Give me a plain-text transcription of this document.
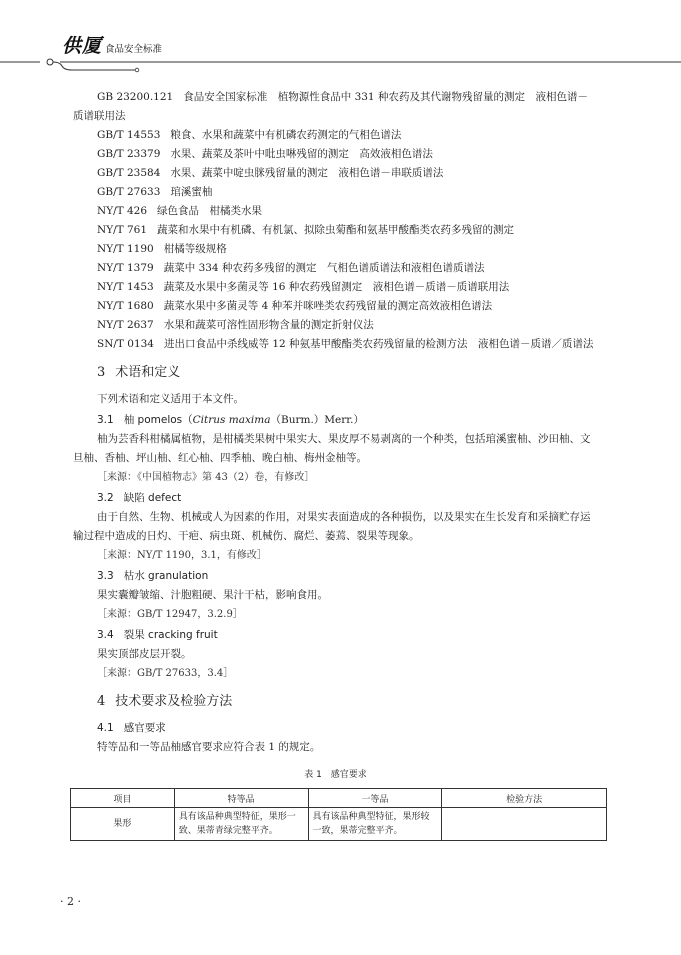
供厦 食品安全标准
GB 23200.121 食品安全国家标准　植物源性食品中 331 种农药及其代谢物残留量的测定　液相色谱－质谱联用法
GB/T 14553 粮食、水果和蔬菜中有机磷农药测定的气相色谱法
GB/T 23379 水果、蔬菜及茶叶中吡虫啉残留的测定　高效液相色谱法
GB/T 23584 水果、蔬菜中啶虫脒残留量的测定　液相色谱－串联质谱法
GB/T 27633 琯溪蜜柚
NY/T 426 绿色食品　柑橘类水果
NY/T 761 蔬菜和水果中有机磷、有机氯、拟除虫菊酯和氨基甲酸酯类农药多残留的测定
NY/T 1190 柑橘等级规格
NY/T 1379 蔬菜中 334 种农药多残留的测定　气相色谱质谱法和液相色谱质谱法
NY/T 1453 蔬菜及水果中多菌灵等 16 种农药残留测定　液相色谱－质谱－质谱联用法
NY/T 1680 蔬菜水果中多菌灵等 4 种苯并咪唑类农药残留量的测定高效液相色谱法
NY/T 2637 水果和蔬菜可溶性固形物含量的测定折射仪法
SN/T 0134 进出口食品中杀线威等 12 种氨基甲酸酯类农药残留量的检测方法　液相色谱－质谱／质谱法
3 术语和定义
下列术语和定义适用于本文件。
3.1 柚 pomelos（Citrus maxima（Burm.）Merr.）
柚为芸香科柑橘属植物，是柑橘类果树中果实大、果皮厚不易剥离的一个种类，包括琯溪蜜柚、沙田柚、文旦柚、香柚、坪山柚、红心柚、四季柚、晚白柚、梅州金柚等。
［来源：《中国植物志》第 43（2）卷，有修改］
3.2 缺陷 defect
由于自然、生物、机械或人为因素的作用，对果实表面造成的各种损伤，以及果实在生长发育和采摘贮存运输过程中造成的日灼、干疤、病虫斑、机械伤、腐烂、萎蔫、裂果等现象。
［来源：NY/T 1190，3.1，有修改］
3.3 枯水 granulation
果实囊瓣皱缩、汁胞粗硬、果汁干枯，影响食用。
［来源：GB/T 12947，3.2.9］
3.4 裂果 cracking fruit
果实顶部皮层开裂。
［来源：GB/T 27633，3.4］
4 技术要求及检验方法
4.1 感官要求
特等品和一等品柚感官要求应符合表 1 的规定。
表 1　感官要求
项目	特等品	一等品	检验方法
果形	具有该品种典型特征，果形一致、果蒂青绿完整平齐。	具有该品种典型特征，果形较一致，果蒂完整平齐。	
· 2 ·
